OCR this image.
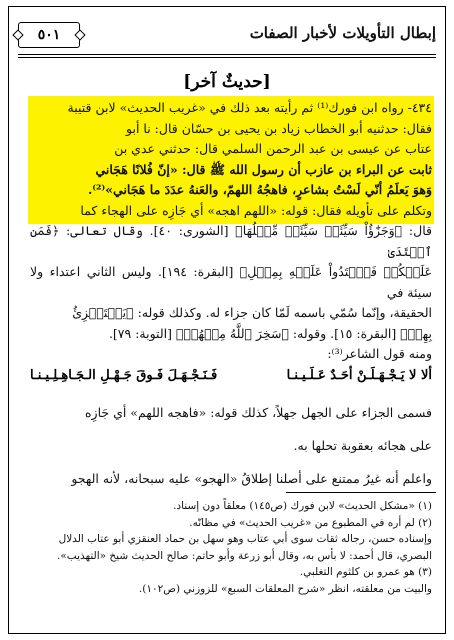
إبطال التأويلات لأخبار الصفات
٥٠١
[حديثٌ آخر]

٤٣٤- رواه ابن فورك⁽¹⁾ ثم رأيته بعد ذلك في «غريب الحديث» لابن قتيبة

فقال: حدثنيه أبو الخطاب زياد بن يحيى بن حسّان قال: نا أبو

عتاب عن عيسى بن عبد الرحمن السلمي قال: حدثني عدي بن

ثابت عن البراء بن عازب أن رسول الله ﷺ قال: «إنّ فُلانًا هَجَاني

وَهوَ يَعلَمُ أنّي لَسْتُ بشاعرٍ، فاهجُهُ اللهمّ، والعَنهُ عدَدَ ما هَجَاني»⁽²⁾.

وتكلم على تأويله فقال: قوله: «اللهم اهجه» أي جَازِه على الهجاء كما

قال: ﴿وَجَزَٰٓؤُاْ سَيِّئَةٖ سَيِّئَةٞ مِّثۡلُهَا﴾ [الشورى: ٤٠]. وقال تعالى: ﴿فَمَنِ ٱعۡتَدَىٰ

عَلَيۡكُمۡ فَٱعۡتَدُواْ عَلَيۡهِ بِمِثۡلِ﴾ [البقرة: ١٩٤]. وليس الثاني اعتداء ولا سيئة في

الحقيقة، وإنّما سُمّي باسمه لَمّا كان جزاء له. وكذلك قوله: ﴿يَسۡتَهۡزِئُ

بِهِمۡ﴾ [البقرة: ١٥]. وقوله: ﴿سَخِرَ ٱللَّهُ مِنۡهُمۡ﴾ [التوبة: ٧٩].

ومنه قول الشاعر⁽³⁾:

ألا لا يَـجْـهَـلَـنْ أحَـدٌ عَـلَـيـنـا
فَـنَـجْـهَـلَ فَـوقَ جَـهْـلِ الـجَـاهِـلِـيـنـا

فسمى الجزاء على الجهل جهلاً، كذلك قوله: «فاهجه اللهم» أي جَازِه

على هجائه بعقوبة تحلها به.

واعلم أنه غيرُ ممتنع على أصلنا إطلاقُ «الهجو» عليه سبحانه، لأنه الهجو

(١) «مشكل الحديث» لابن فورك (ص١٤٥) معلقاً دون إسناد.

(٢) لم أره في المطبوع من «غريب الحديث» في مظانّه.

وإسناده حسن، رجاله ثقات سوى أبي عتاب وهو سهل بن حماد العنقزي أبو عتاب الدلال

البصري، قال أحمد: لا بأس به، وقال أبو زرعة وأبو حاتم: صالح الحديث شيخ «التهذيب».

(٣) هو عمرو بن كلثوم التغلبي.

والبيت من معلقته، انظر «شرح المعلقات السبع» للزوزني (ص١٠٢).
